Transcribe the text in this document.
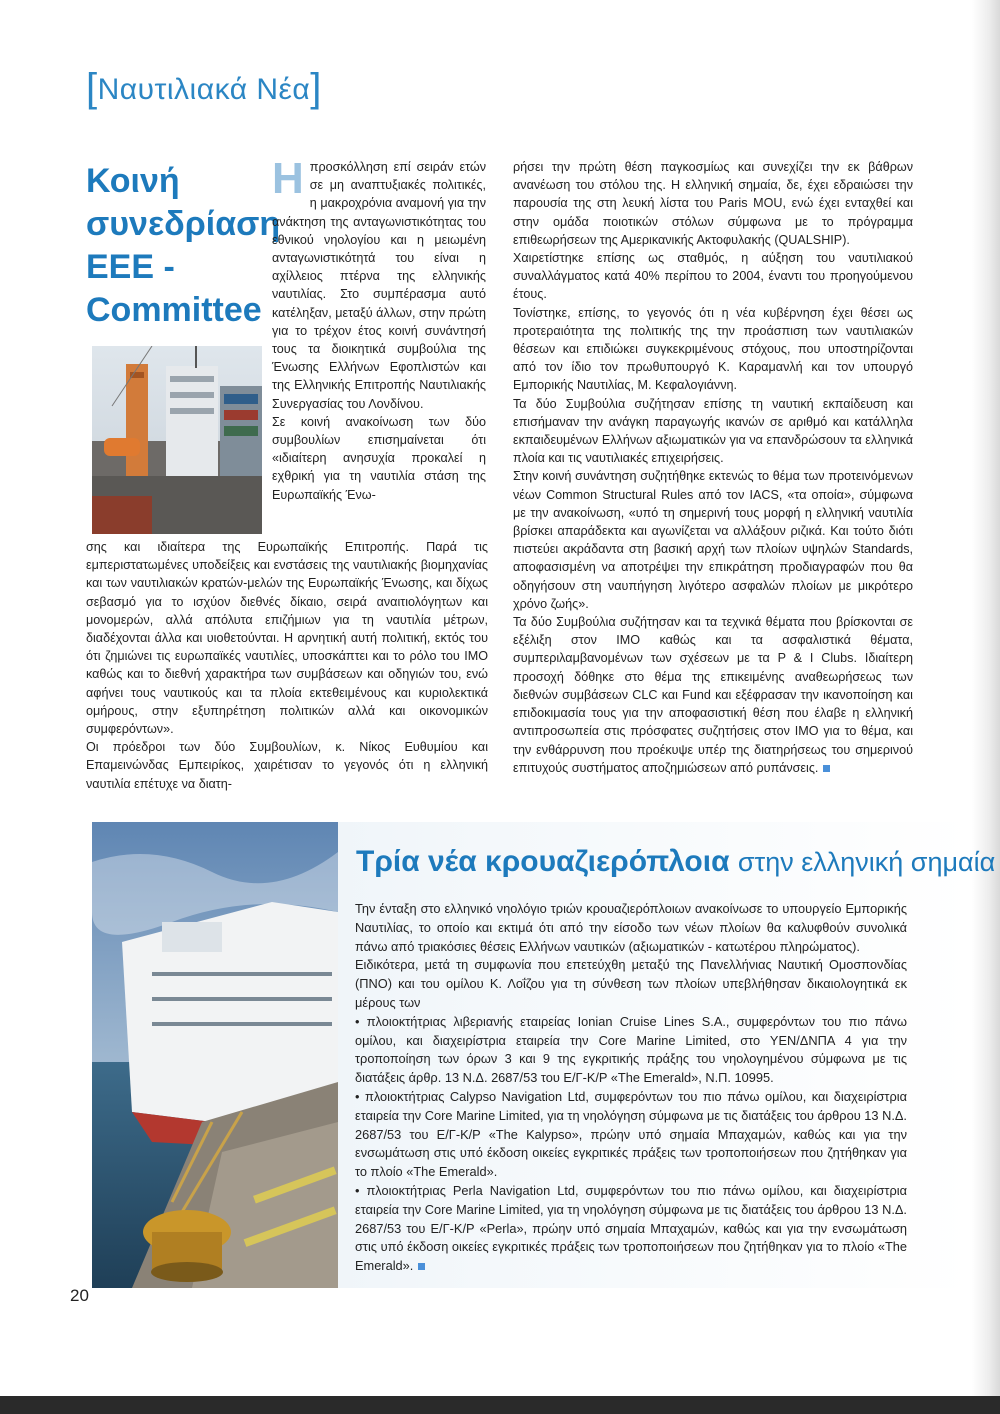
[Ναυτιλιακά Νέα]
Κοινή
συνεδρίαση
ΕΕΕ -
Committee
Η προσκόλληση επί σειράν ετών σε μη αναπτυξιακές πολιτικές, η μακροχρόνια αναμονή για την ανάκτηση της ανταγωνιστικότητας του εθνικού νηολογίου και η μειωμένη ανταγωνιστικότητά του είναι η αχίλλειος πτέρνα της ελληνικής ναυτιλίας. Στο συμπέρασμα αυτό κατέληξαν, μεταξύ άλλων, στην πρώτη για το τρέχον έτος κοινή συνάντησή τους τα διοικητικά συμβούλια της Ένωσης Ελλήνων Εφοπλιστών και της Ελληνικής Επιτροπής Ναυτιλιακής Συνεργασίας του Λονδίνου.

Σε κοινή ανακοίνωση των δύο συμβουλίων επισημαίνεται ότι «ιδιαίτερη ανησυχία προκαλεί η εχθρική για τη ναυτιλία στάση της Ευρωπαϊκής Ένω-

σης και ιδιαίτερα της Ευρωπαϊκής Επιτροπής. Παρά τις εμπεριστατωμένες υποδείξεις και ενστάσεις της ναυτιλιακής βιομηχανίας και των ναυτιλιακών κρατών-μελών της Ευρωπαϊκής Ένωσης, και δίχως σεβασμό για το ισχύον διεθνές δίκαιο, σειρά αναιτιολόγητων και μονομερών, αλλά απόλυτα επιζήμιων για τη ναυτιλία μέτρων, διαδέχονται άλλα και υιοθετούνται. Η αρνητική αυτή πολιτική, εκτός του ότι ζημιώνει τις ευρωπαϊκές ναυτιλίες, υποσκάπτει και το ρόλο του IMO καθώς και το διεθνή χαρακτήρα των συμβάσεων και οδηγιών του, ενώ αφήνει τους ναυτικούς και τα πλοία εκτεθειμένους και κυριολεκτικά ομήρους, στην εξυπηρέτηση πολιτικών αλλά και οικονομικών συμφερόντων».

Οι πρόεδροι των δύο Συμβουλίων, κ. Νίκος Ευθυμίου και Επαμεινώνδας Εμπειρίκος, χαιρέτισαν το γεγονός ότι η ελληνική ναυτιλία επέτυχε να διατη-

ρήσει την πρώτη θέση παγκοσμίως και συνεχίζει την εκ βάθρων ανανέωση του στόλου της. Η ελληνική σημαία, δε, έχει εδραιώσει την παρουσία της στη λευκή λίστα του Paris MOU, ενώ έχει ενταχθεί και στην ομάδα ποιοτικών στόλων σύμφωνα με το πρόγραμμα επιθεωρήσεων της Αμερικανικής Ακτοφυλακής (QUALSHIP).

Χαιρετίστηκε επίσης ως σταθμός, η αύξηση του ναυτιλιακού συναλλάγματος κατά 40% περίπου το 2004, έναντι του προηγούμενου έτους.

Τονίστηκε, επίσης, το γεγονός ότι η νέα κυβέρνηση έχει θέσει ως προτεραιότητα της πολιτικής της την προάσπιση των ναυτιλιακών θέσεων και επιδιώκει συγκεκριμένους στόχους, που υποστηρίζονται από τον ίδιο τον πρωθυπουργό Κ. Καραμανλή και τον υπουργό Εμπορικής Ναυτιλίας, Μ. Κεφαλογιάννη.

Τα δύο Συμβούλια συζήτησαν επίσης τη ναυτική εκπαίδευση και επισήμαναν την ανάγκη παραγωγής ικανών σε αριθμό και κατάλληλα εκπαιδευμένων Ελλήνων αξιωματικών για να επανδρώσουν τα ελληνικά πλοία και τις ναυτιλιακές επιχειρήσεις.

Στην κοινή συνάντηση συζητήθηκε εκτενώς το θέμα των προτεινόμενων νέων Common Structural Rules από τον IACS, «τα οποία», σύμφωνα με την ανακοίνωση, «υπό τη σημερινή τους μορφή η ελληνική ναυτιλία βρίσκει απαράδεκτα και αγωνίζεται να αλλάξουν ριζικά. Και τούτο διότι πιστεύει ακράδαντα στη βασική αρχή των πλοίων υψηλών Standards, αποφασισμένη να αποτρέψει την επικράτηση προδιαγραφών που θα οδηγήσουν στη ναυπήγηση λιγότερο ασφαλών πλοίων με μικρότερο χρόνο ζωής».

Τα δύο Συμβούλια συζήτησαν και τα τεχνικά θέματα που βρίσκονται σε εξέλιξη στον IMO καθώς και τα ασφαλιστικά θέματα, συμπεριλαμβανομένων των σχέσεων με τα P & I Clubs. Ιδιαίτερη προσοχή δόθηκε στο θέμα της επικειμένης αναθεωρήσεως των διεθνών συμβάσεων CLC και Fund και εξέφρασαν την ικανοποίηση και επιδοκιμασία τους για την αποφασιστική θέση που έλαβε η ελληνική αντιπροσωπεία στις πρόσφατες συζητήσεις στον IMO για το θέμα, και την ενθάρρυνση που προέκυψε υπέρ της διατηρήσεως του σημερινού επιτυχούς συστήματος αποζημιώσεων από ρυπάνσεις.

Τρία νέα κρουαζιερόπλοια στην ελληνική σημαία

Την ένταξη στο ελληνικό νηολόγιο τριών κρουαζιερόπλοιων ανακοίνωσε το υπουργείο Εμπορικής Ναυτιλίας, το οποίο και εκτιμά ότι από την είσοδο των νέων πλοίων θα καλυφθούν συνολικά πάνω από τριακόσιες θέσεις Ελλήνων ναυτικών (αξιωματικών - κατωτέρου πληρώματος).

Ειδικότερα, μετά τη συμφωνία που επετεύχθη μεταξύ της Πανελλήνιας Ναυτική Ομοσπονδίας (ΠΝΟ) και του ομίλου Κ. Λοΐζου για τη σύνθεση των πλοίων υπεβλήθησαν δικαιολογητικά εκ μέρους των

• πλοιοκτήτριας λιβεριανής εταιρείας Ionian Cruise Lines S.A., συμφερόντων του πιο πάνω ομίλου, και διαχειρίστρια εταιρεία την Core Marine Limited, στο ΥΕΝ/ΔΝΠΑ 4 για την τροποποίηση των όρων 3 και 9 της εγκριτικής πράξης του νηολογημένου σύμφωνα με τις διατάξεις άρθρ. 13 Ν.Δ. 2687/53 του Ε/Γ-Κ/Ρ «The Emerald», Ν.Π. 10995.

• πλοιοκτήτριας Calypso Navigation Ltd, συμφερόντων του πιο πάνω ομίλου, και διαχειρίστρια εταιρεία την Core Marine Limited, για τη νηολόγηση σύμφωνα με τις διατάξεις του άρθρου 13 Ν.Δ. 2687/53 του Ε/Γ-Κ/Ρ «The Kalypso», πρώην υπό σημαία Μπαχαμών, καθώς και για την ενσωμάτωση στις υπό έκδοση οικείες εγκριτικές πράξεις των τροποποιήσεων που ζητήθηκαν για το πλοίο «The Emerald».

• πλοιοκτήτριας Perla Navigation Ltd, συμφερόντων του πιο πάνω ομίλου, και διαχειρίστρια εταιρεία την Core Marine Limited, για τη νηολόγηση σύμφωνα με τις διατάξεις του άρθρου 13 Ν.Δ. 2687/53 του Ε/Γ-Κ/Ρ «Perla», πρώην υπό σημαία Μπαχαμών, καθώς και για την ενσωμάτωση στις υπό έκδοση οικείες εγκριτικές πράξεις των τροποποιήσεων που ζητήθηκαν για το πλοίο «The Emerald».

20
